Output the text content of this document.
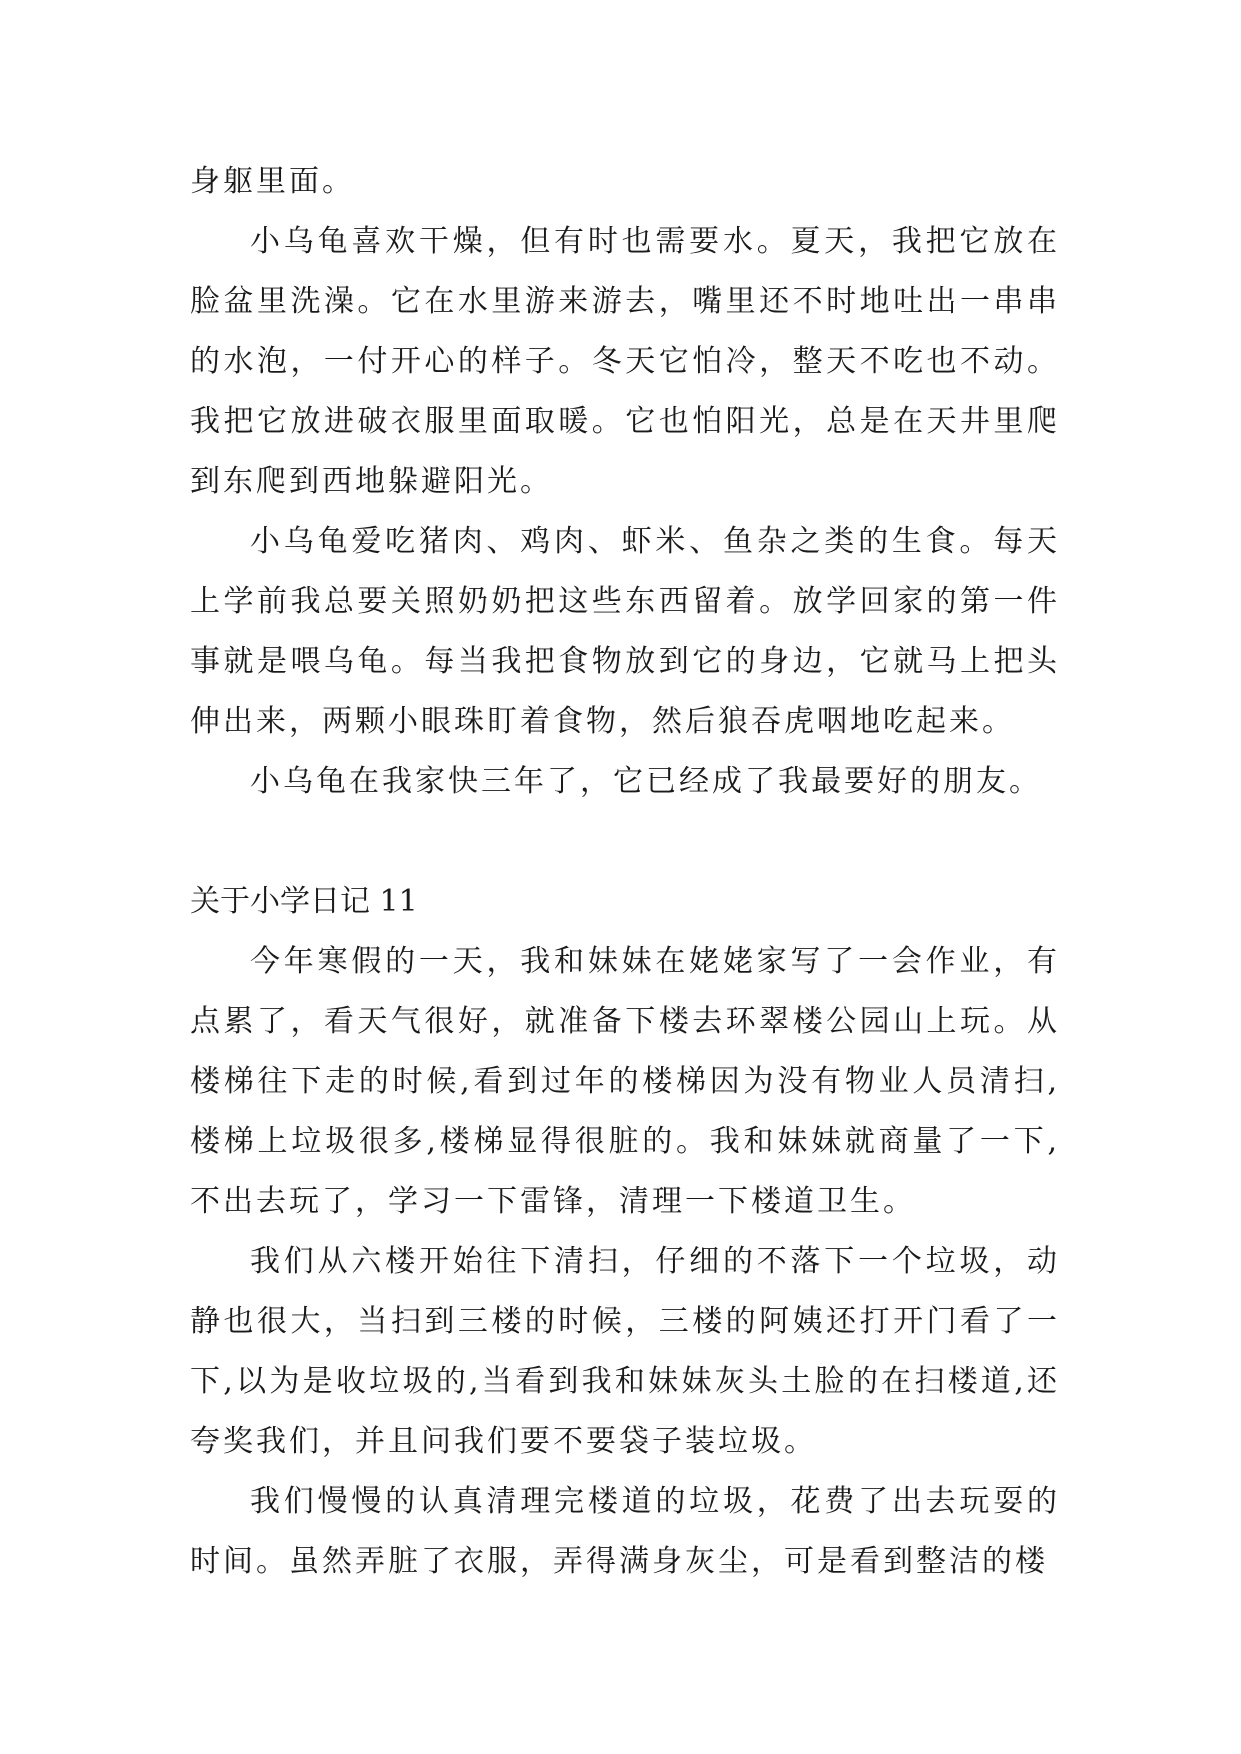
身躯里面。

小乌龟喜欢干燥，但有时也需要水。夏天，我把它放在脸盆里洗澡。它在水里游来游去，嘴里还不时地吐出一串串的水泡，一付开心的样子。冬天它怕冷，整天不吃也不动。我把它放进破衣服里面取暖。它也怕阳光，总是在天井里爬到东爬到西地躲避阳光。

小乌龟爱吃猪肉、鸡肉、虾米、鱼杂之类的生食。每天上学前我总要关照奶奶把这些东西留着。放学回家的第一件事就是喂乌龟。每当我把食物放到它的身边，它就马上把头伸出来，两颗小眼珠盯着食物，然后狼吞虎咽地吃起来。

小乌龟在我家快三年了，它已经成了我最要好的朋友。

关于小学日记 11

今年寒假的一天，我和妹妹在姥姥家写了一会作业，有点累了，看天气很好，就准备下楼去环翠楼公园山上玩。从楼梯往下走的时候,看到过年的楼梯因为没有物业人员清扫,楼梯上垃圾很多,楼梯显得很脏的。我和妹妹就商量了一下,不出去玩了，学习一下雷锋，清理一下楼道卫生。

我们从六楼开始往下清扫，仔细的不落下一个垃圾，动静也很大，当扫到三楼的时候，三楼的阿姨还打开门看了一下,以为是收垃圾的,当看到我和妹妹灰头土脸的在扫楼道,还夸奖我们，并且问我们要不要袋子装垃圾。

我们慢慢的认真清理完楼道的垃圾，花费了出去玩耍的时间。虽然弄脏了衣服，弄得满身灰尘，可是看到整洁的楼
